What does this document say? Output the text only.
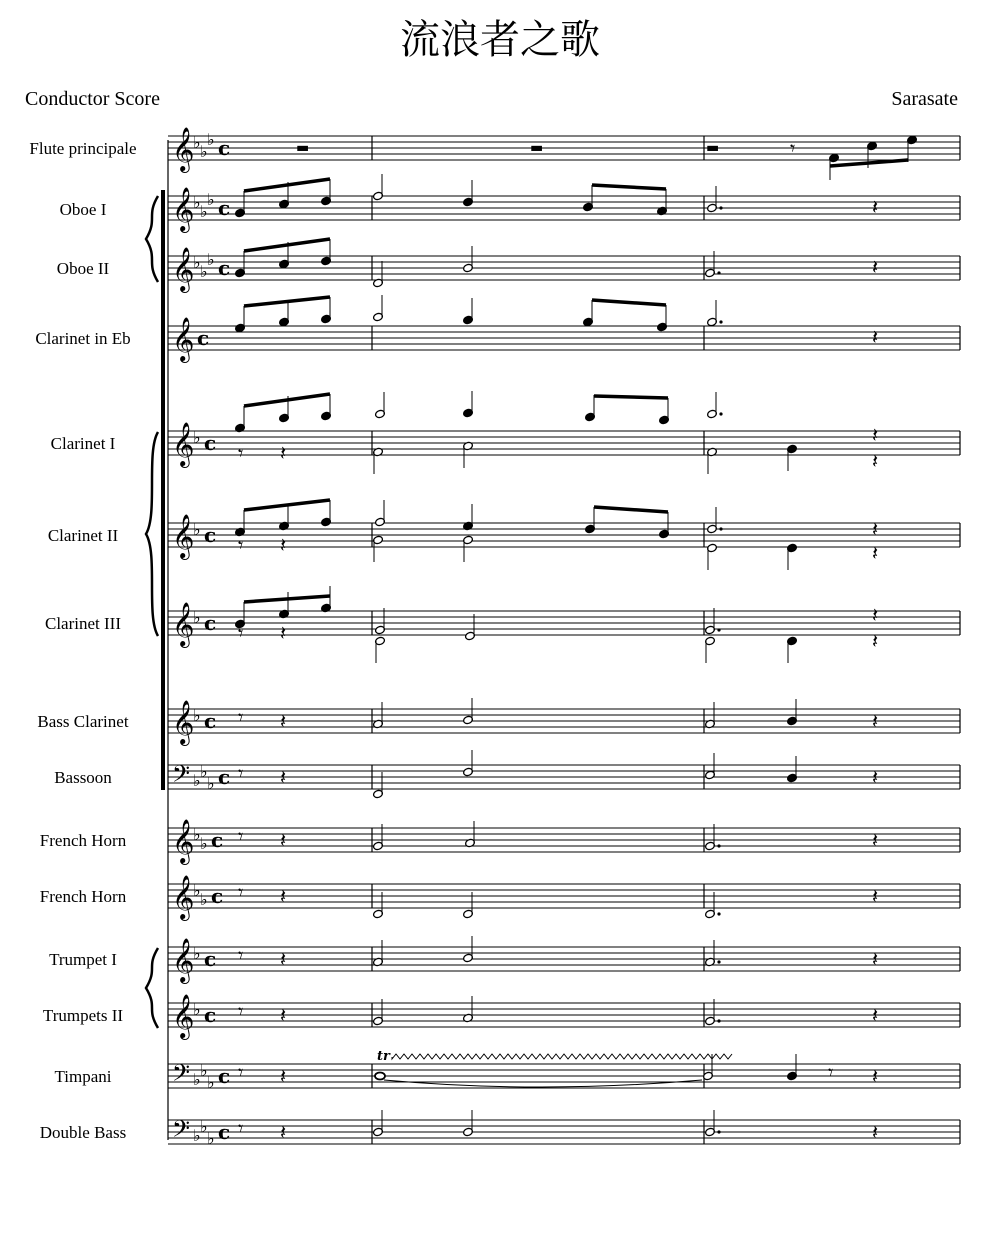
流浪者之歌
Conductor Score	Sarasate
Flute principale
Oboe I
Oboe II
Clarinet in Eb
Clarinet I
Clarinet II
Clarinet III
Bass Clarinet
Bassoon
French Horn
French Horn
Trumpet I
Trumpets II
Timpani
Double Bass
𝄞
♭ ♭
♭ c
𝄞
♭ ♭
♭ c
𝄞
♭ ♭
♭ c
𝄞 c
𝄞
♭ c
𝄞
♭ c
𝄞
♭ c
𝄞
♭ c
𝄢 ♭ ♭
♭ c
𝄞
♭ ♭ c
𝄞
♭ ♭ c
𝄞
♭ c
𝄞
♭ c
𝄢 ♭ ♭
♭ c
𝄢 ♭ ♭
♭ c
▬	▬	▬	𝄾
𝄽
𝄽
𝄽
𝄾 𝄽
𝄽
𝄽
𝄾 𝄽
𝄽
𝄽
𝄾 𝄽
𝄽
𝄽
𝄾 𝄽	𝄽
𝄾 𝄽	𝄽
𝄾 𝄽	𝄽
𝄾 𝄽	𝄽
𝄾 𝄽	𝄽
𝄾 𝄽	𝄽
𝄾 𝄽
tr
𝄾 𝄽
𝄾 𝄽	𝄽
